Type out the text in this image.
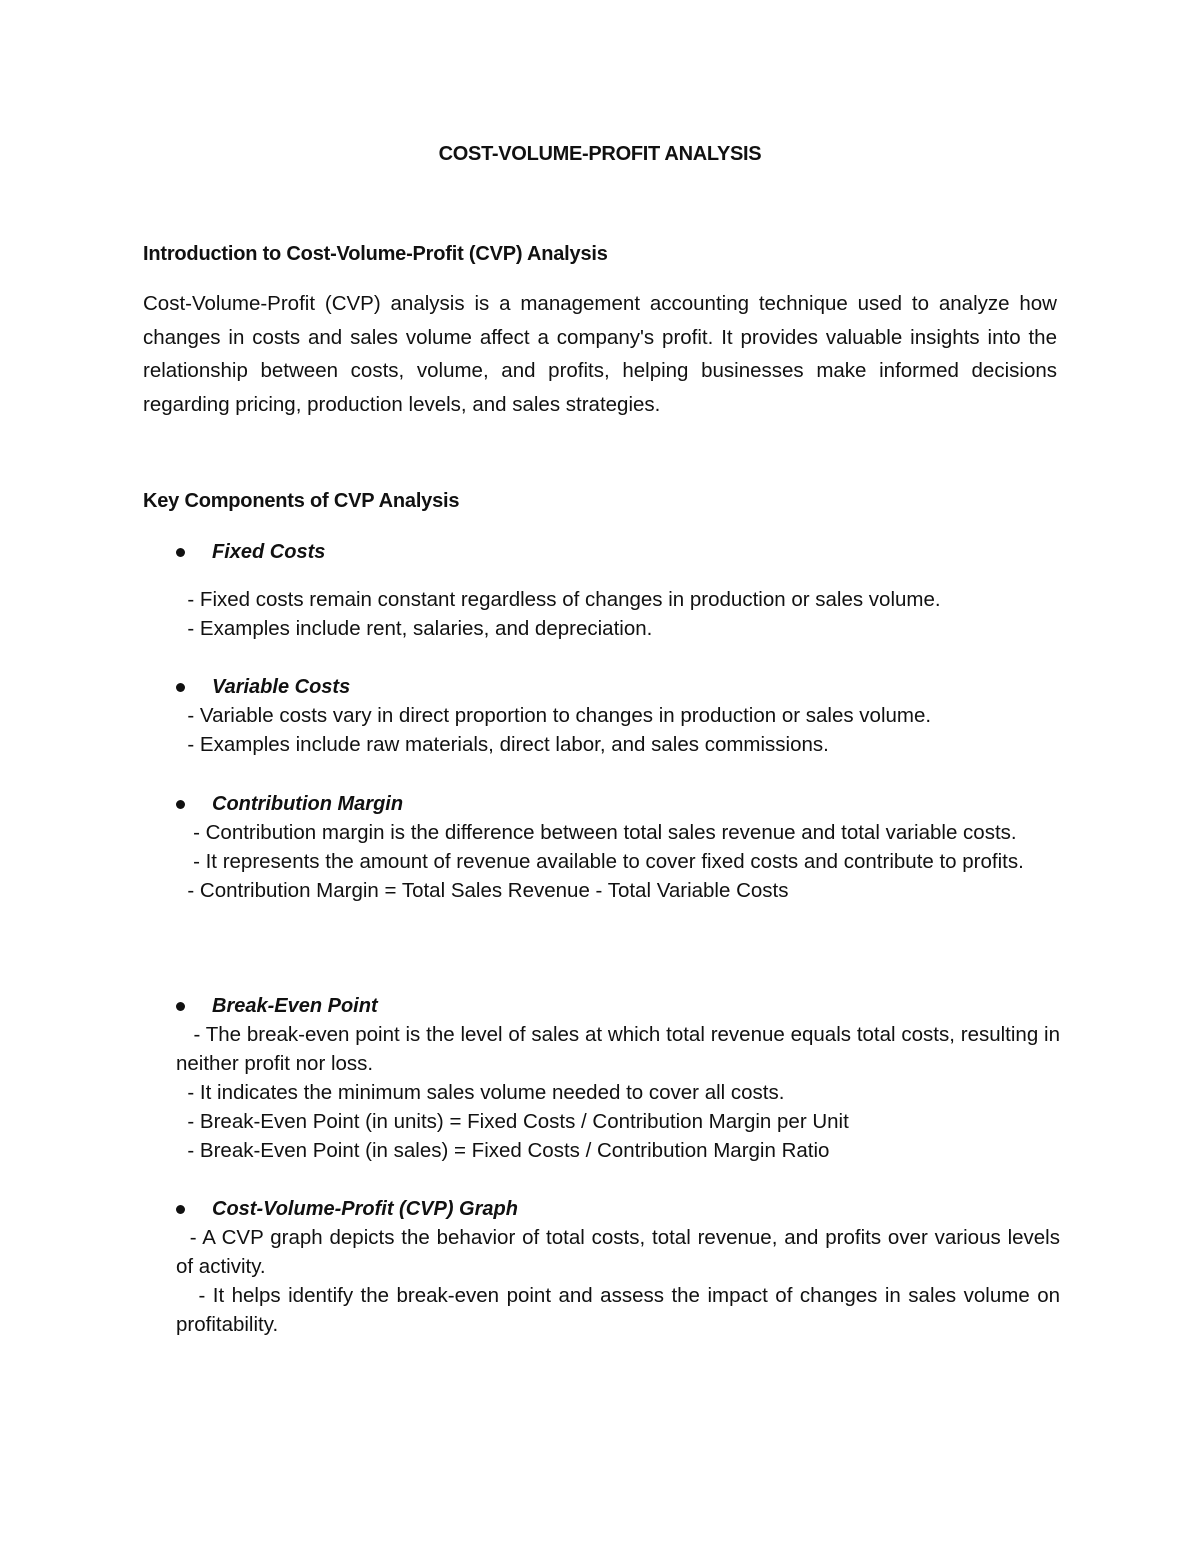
COST-VOLUME-PROFIT ANALYSIS
Introduction to Cost-Volume-Profit (CVP) Analysis

Cost-Volume-Profit (CVP) analysis is a management accounting technique used to analyze how changes in costs and sales volume affect a company's profit. It provides valuable insights into the relationship between costs, volume, and profits, helping businesses make informed decisions regarding pricing, production levels, and sales strategies.

Key Components of CVP Analysis
Fixed Costs

- Fixed costs remain constant regardless of changes in production or sales volume.

- Examples include rent, salaries, and depreciation.

Variable Costs

- Variable costs vary in direct proportion to changes in production or sales volume.

- Examples include raw materials, direct labor, and sales commissions.

Contribution Margin

- Contribution margin is the difference between total sales revenue and total variable costs.

- It represents the amount of revenue available to cover fixed costs and contribute to profits.

- Contribution Margin = Total Sales Revenue - Total Variable Costs

Break-Even Point

- The break-even point is the level of sales at which total revenue equals total costs, resulting in neither profit nor loss.

- It indicates the minimum sales volume needed to cover all costs.

- Break-Even Point (in units) = Fixed Costs / Contribution Margin per Unit

- Break-Even Point (in sales) = Fixed Costs / Contribution Margin Ratio

Cost-Volume-Profit (CVP) Graph

- A CVP graph depicts the behavior of total costs, total revenue, and profits over various levels of activity.

- It helps identify the break-even point and assess the impact of changes in sales volume on profitability.
